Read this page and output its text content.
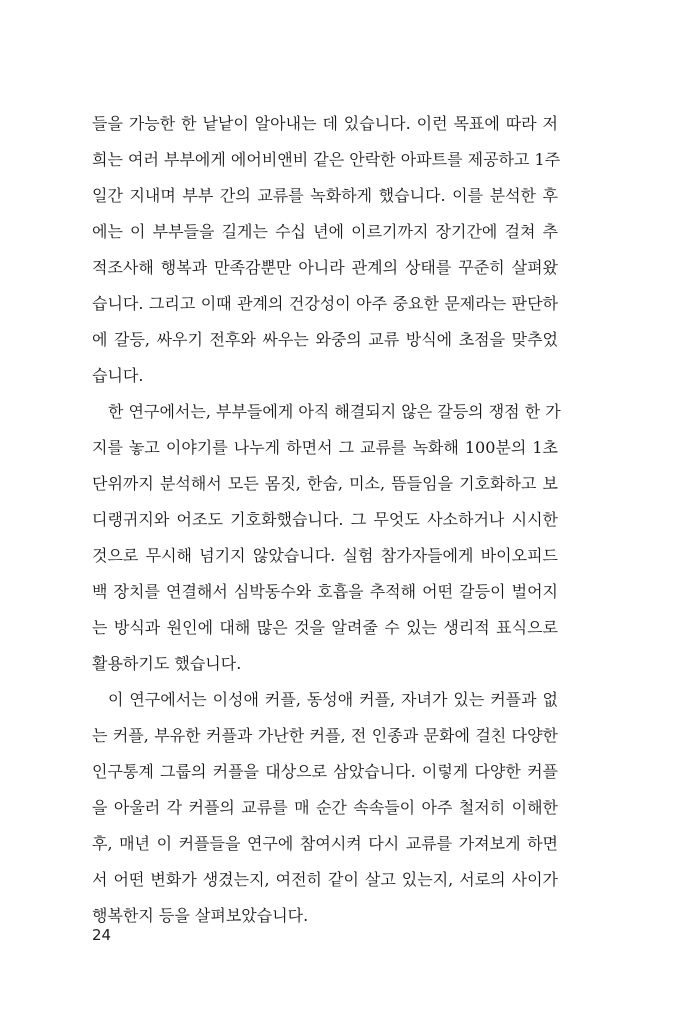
들을 가능한 한 낱낱이 알아내는 데 있습니다. 이런 목표에 따라 저
희는 여러 부부에게 에어비앤비 같은 안락한 아파트를 제공하고 1주
일간 지내며 부부 간의 교류를 녹화하게 했습니다. 이를 분석한 후
에는 이 부부들을 길게는 수십 년에 이르기까지 장기간에 걸쳐 추
적조사해 행복과 만족감뿐만 아니라 관계의 상태를 꾸준히 살펴왔
습니다. 그리고 이때 관계의 건강성이 아주 중요한 문제라는 판단하
에 갈등, 싸우기 전후와 싸우는 와중의 교류 방식에 초점을 맞추었
습니다.
한 연구에서는, 부부들에게 아직 해결되지 않은 갈등의 쟁점 한 가
지를 놓고 이야기를 나누게 하면서 그 교류를 녹화해 100분의 1초
단위까지 분석해서 모든 몸짓, 한숨, 미소, 뜸들임을 기호화하고 보
디랭귀지와 어조도 기호화했습니다. 그 무엇도 사소하거나 시시한
것으로 무시해 넘기지 않았습니다. 실험 참가자들에게 바이오피드
백 장치를 연결해서 심박동수와 호흡을 추적해 어떤 갈등이 벌어지
는 방식과 원인에 대해 많은 것을 알려줄 수 있는 생리적 표식으로
활용하기도 했습니다.
이 연구에서는 이성애 커플, 동성애 커플, 자녀가 있는 커플과 없
는 커플, 부유한 커플과 가난한 커플, 전 인종과 문화에 걸친 다양한
인구통계 그룹의 커플을 대상으로 삼았습니다. 이렇게 다양한 커플
을 아울러 각 커플의 교류를 매 순간 속속들이 아주 철저히 이해한
후, 매년 이 커플들을 연구에 참여시켜 다시 교류를 가져보게 하면
서 어떤 변화가 생겼는지, 여전히 같이 살고 있는지, 서로의 사이가
행복한지 등을 살펴보았습니다.
24
